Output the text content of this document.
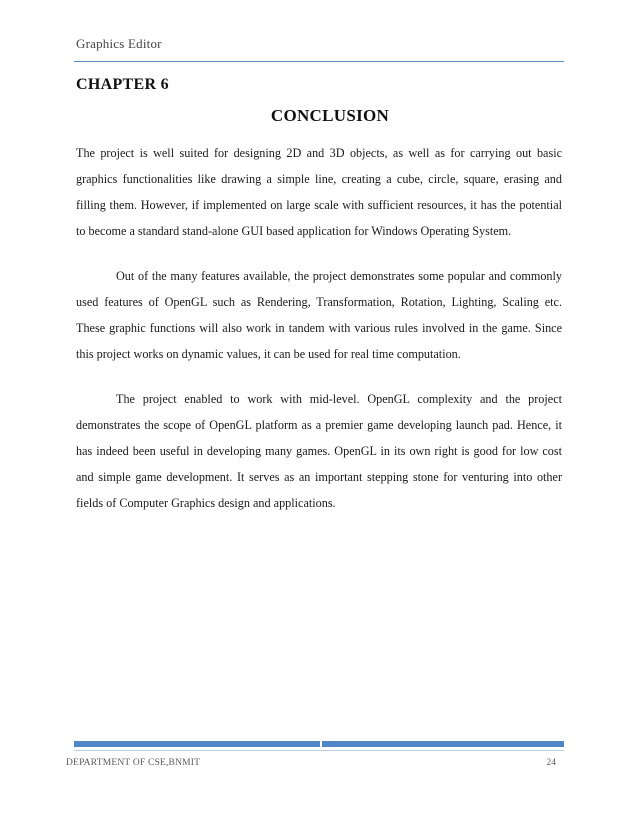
Graphics Editor
CHAPTER 6
CONCLUSION

The project is well suited for designing 2D and 3D objects, as well as for carrying out basic graphics functionalities like drawing a simple line, creating a cube, circle, square, erasing and filling them. However, if implemented on large scale with sufficient resources, it has the potential to become a standard stand-alone GUI based application for Windows Operating System.

Out of the many features available, the project demonstrates some popular and commonly used features of OpenGL such as Rendering, Transformation, Rotation, Lighting, Scaling etc. These graphic functions will also work in tandem with various rules involved in the game. Since this project works on dynamic values, it can be used for real time computation.

The project enabled to work with mid-level. OpenGL complexity and the project demonstrates the scope of OpenGL platform as a premier game developing launch pad. Hence, it has indeed been useful in developing many games. OpenGL in its own right is good for low cost and simple game development. It serves as an important stepping stone for venturing into other fields of Computer Graphics design and applications.

DEPARTMENT OF CSE,BNMIT	24
